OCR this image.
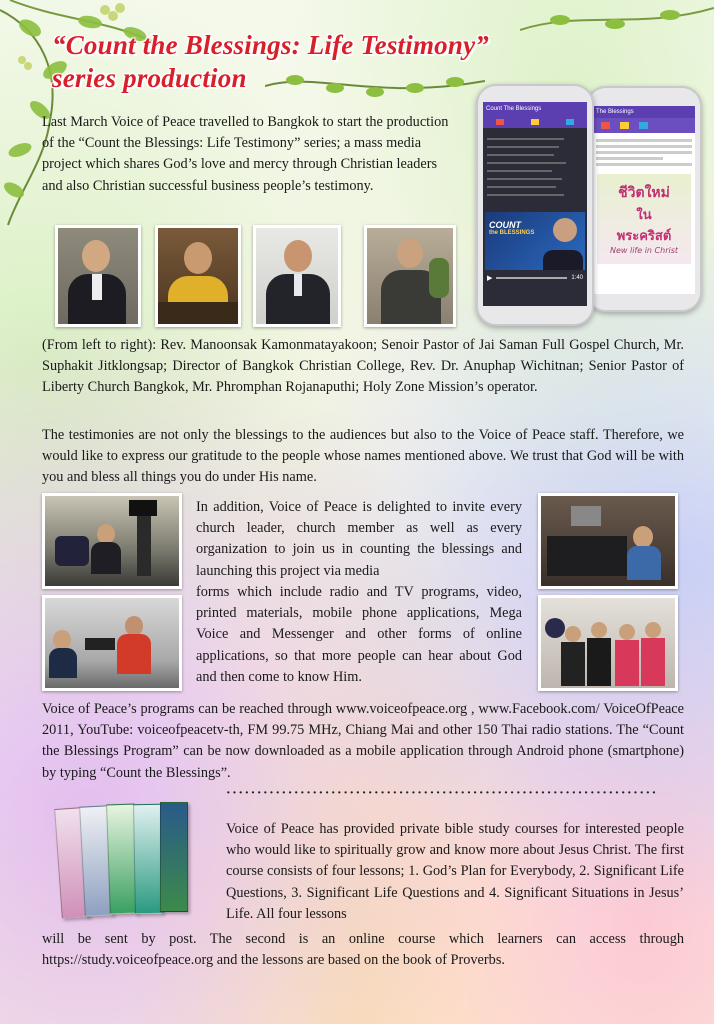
“Count the Blessings: Life Testimony”
series production

Last March Voice of Peace travelled to Bangkok to start the production of the “Count the Blessings: Life Testimony” series; a mass media project which shares God’s love and mercy through Christian leaders and also Christian successful business people’s testimony.

The Blessings
ชีวิตใหม่
ใน
พระคริสต์
New life in Christ
Count The Blessings
COUNT
the BLESSINGS
▶	1:40

(From left to right): Rev. Manoonsak Kamonmatayakoon; Senoir Pastor of Jai Saman Full Gospel Church, Mr. Suphakit Jitklongsap; Director of Bangkok Christian College, Rev. Dr. Anuphap Wichitnan; Senior Pastor of Liberty Church Bangkok, Mr. Phromphan Rojanaputhi; Holy Zone Mission’s operator.

The testimonies are not only the blessings to the audiences but also to the Voice of Peace staff. Therefore, we would like to express our gratitude to the people whose names mentioned above. We trust that God will be with you and bless all things you do under His name.

In addition, Voice of Peace is delighted to invite every church leader, church member as well as every organization to join us in counting the blessings and launching this project via media

forms which include radio and TV programs, video, printed materials, mobile phone applications, Mega Voice and Messenger and other forms of online applications, so that more people can hear about God and then come to know Him.

Voice of Peace’s programs can be reached through www.voiceofpeace.org , www.Facebook.com/ VoiceOfPeace 2011, YouTube: voiceofpeacetv-th, FM 99.75 MHz, Chiang Mai and other 150 Thai radio stations. The “Count the Blessings Program” can be now downloaded as a mobile application through Android phone (smartphone) by typing “Count the Blessings”.

······································································

Voice of Peace has provided private bible study courses for interested people who would like to spiritually grow and know more about Jesus Christ. The first course consists of four lessons; 1. God’s Plan for Everybody, 2. Significant Life Questions, 3. Significant Life Questions and 4. Significant Situations in Jesus’ Life. All four lessons

will be sent by post. The second is an online course which learners can access through https://study.voiceofpeace.org and the lessons are based on the book of Proverbs.
